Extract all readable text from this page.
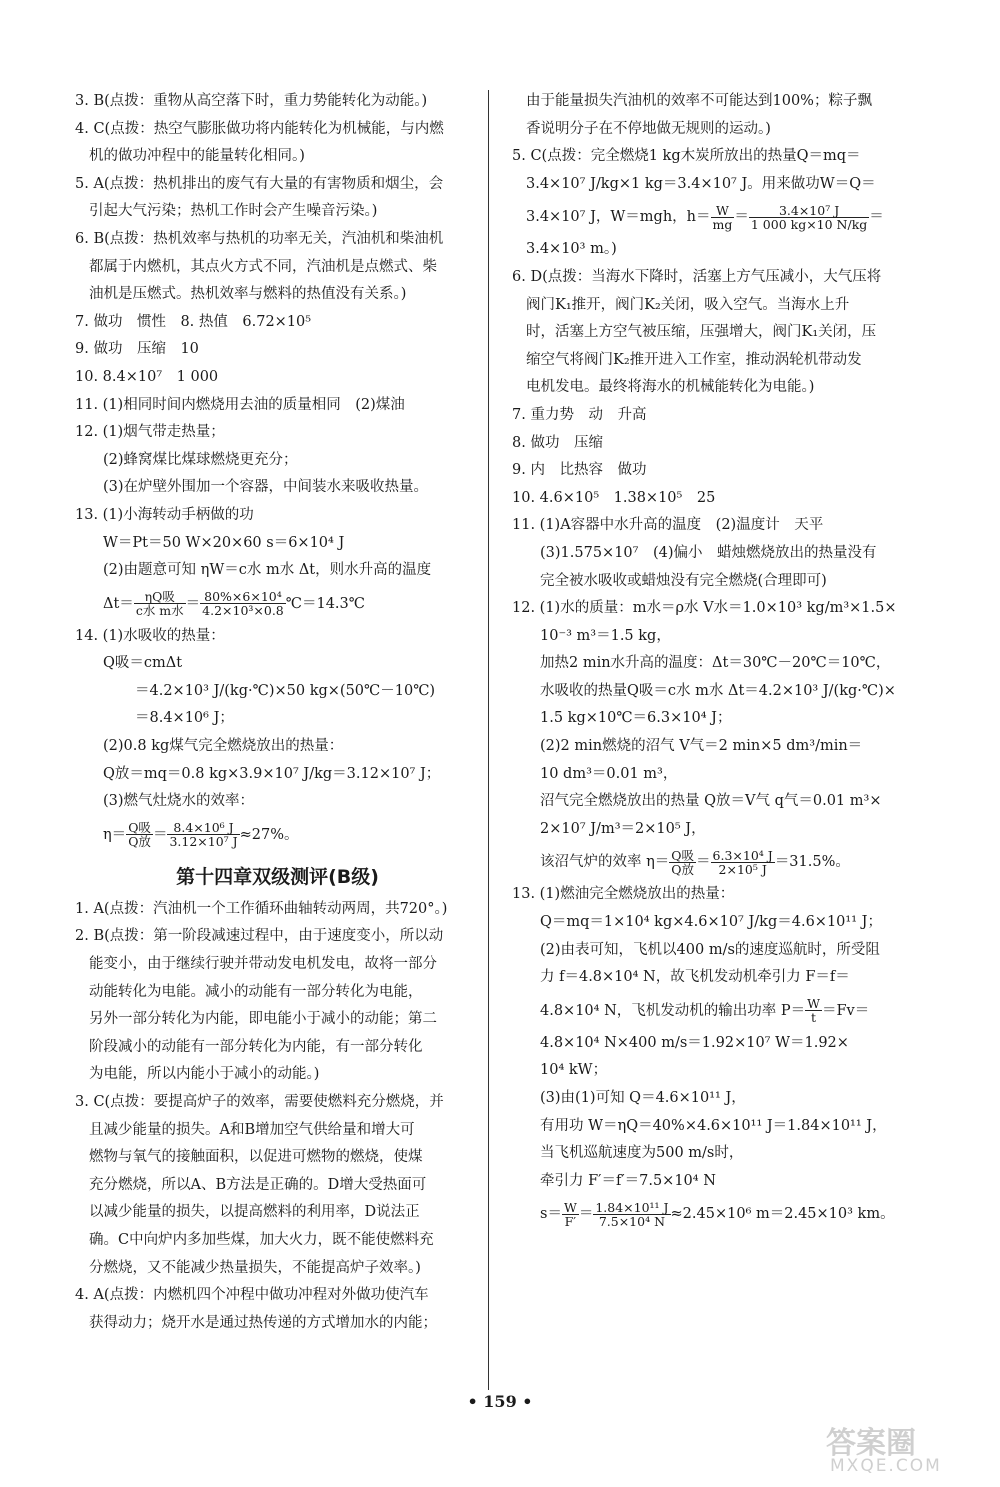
3. B(点拨：重物从高空落下时，重力势能转化为动能。)
4. C(点拨：热空气膨胀做功将内能转化为机械能，与内燃
机的做功冲程中的能量转化相同。)
5. A(点拨：热机排出的废气有大量的有害物质和烟尘，会
引起大气污染；热机工作时会产生噪音污染。)
6. B(点拨：热机效率与热机的功率无关，汽油机和柴油机
都属于内燃机，其点火方式不同，汽油机是点燃式、柴
油机是压燃式。热机效率与燃料的热值没有关系。)
7. 做功　惯性　8. 热值　6.72×10⁵
9. 做功　压缩　10
10. 8.4×10⁷　1 000
11. (1)相同时间内燃烧用去油的质量相同　(2)煤油
12. (1)烟气带走热量；
(2)蜂窝煤比煤球燃烧更充分；
(3)在炉壁外围加一个容器，中间装水来吸收热量。
13. (1)小海转动手柄做的功
W＝Pt＝50 W×20×60 s＝6×10⁴ J
(2)由题意可知 ηW＝c水 m水 Δt，则水升高的温度
$\Delta t= \frac{\text{ηQ吸}}{\text{c水 m水}} = \frac{\text{80\%×6×10⁴}}{\text{4.2×10³×0.8}}$ ℃＝14.3℃
14. (1)水吸收的热量：
Q吸＝cmΔt
＝4.2×10³ J/(kg·℃)×50 kg×(50℃－10℃)
＝8.4×10⁶ J；
(2)0.8 kg煤气完全燃烧放出的热量：
Q放＝mq＝0.8 kg×3.9×10⁷ J/kg＝3.12×10⁷ J；
(3)燃气灶烧水的效率：
$\eta= \frac{\text{Q吸}}{\text{Q放}} = \frac{\text{8.4×10⁶ J}}{\text{3.12×10⁷ J}} \approx 27\%$。
第十四章双级测评(B级)
1. A(点拨：汽油机一个工作循环曲轴转动两周，共720°。)
2. B(点拨：第一阶段减速过程中，由于速度变小，所以动
能变小，由于继续行驶并带动发电机发电，故将一部分
动能转化为电能。减小的动能有一部分转化为电能，
另外一部分转化为内能，即电能小于减小的动能；第二
阶段减小的动能有一部分转化为内能，有一部分转化
为电能，所以内能小于减小的动能。)
3. C(点拨：要提高炉子的效率，需要使燃料充分燃烧，并
且减少能量的损失。A和B增加空气供给量和增大可
燃物与氧气的接触面积，以促进可燃物的燃烧，使煤
充分燃烧，所以A、B方法是正确的。D增大受热面可
以减少能量的损失，以提高燃料的利用率，D说法正
确。C中向炉内多加些煤，加大火力，既不能使燃料充
分燃烧，又不能减少热量损失，不能提高炉子效率。)
4. A(点拨：内燃机四个冲程中做功冲程对外做功使汽车
获得动力；烧开水是通过热传递的方式增加水的内能；
由于能量损失汽油机的效率不可能达到100%；粽子飘
香说明分子在不停地做无规则的运动。)
5. C(点拨：完全燃烧1 kg木炭所放出的热量Q＝mq＝
3.4×10⁷ J/kg×1 kg＝3.4×10⁷ J。用来做功W＝Q＝
3.4×10⁷ J，W＝mgh，$h= \frac{W}{mg} = \frac{\text{3.4×10⁷ J}}{1 000 kg\times 10 N/kg}$ ＝
3.4×10³ m。)
6. D(点拨：当海水下降时，活塞上方气压减小，大气压将
阀门K₁推开，阀门K₂关闭，吸入空气。当海水上升
时，活塞上方空气被压缩，压强增大，阀门K₁关闭，压
缩空气将阀门K₂推开进入工作室，推动涡轮机带动发
电机发电。最终将海水的机械能转化为电能。)
7. 重力势　动　升高
8. 做功　压缩
9. 内　比热容　做功
10. 4.6×10⁵　1.38×10⁵　25
11. (1)A容器中水升高的温度　(2)温度计　天平
(3)1.575×10⁷　(4)偏小　蜡烛燃烧放出的热量没有
完全被水吸收或蜡烛没有完全燃烧(合理即可)
12. (1)水的质量：m水＝ρ水 V水＝1.0×10³ kg/m³×1.5×
10⁻³ m³＝1.5 kg，
加热2 min水升高的温度：Δt＝30℃－20℃＝10℃，
水吸收的热量Q吸＝c水 m水 Δt＝4.2×10³ J/(kg·℃)×
1.5 kg×10℃＝6.3×10⁴ J；
(2)2 min燃烧的沼气 V气＝2 min×5 dm³/min＝
10 dm³＝0.01 m³，
沼气完全燃烧放出的热量 Q放＝V气 q气＝0.01 m³×
2×10⁷ J/m³＝2×10⁵ J，
该沼气炉的效率 $\eta= \frac{\text{Q吸}}{\text{Q放}} = \frac{\text{6.3×10⁴ J}}{\text{2×10⁵ J}} =31.5\%$。
13. (1)燃油完全燃烧放出的热量：
Q＝mq＝1×10⁴ kg×4.6×10⁷ J/kg＝4.6×10¹¹ J；
(2)由表可知，飞机以400 m/s的速度巡航时，所受阻
力 f＝4.8×10⁴ N，故飞机发动机牵引力 F＝f＝
4.8×10⁴ N，飞机发动机的输出功率 $P= \frac{W}{t} =Fv=$
4.8×10⁴ N×400 m/s＝1.92×10⁷ W＝1.92×
10⁴ kW；
(3)由(1)可知 Q＝4.6×10¹¹ J，
有用功 W＝ηQ＝40%×4.6×10¹¹ J＝1.84×10¹¹ J，
当飞机巡航速度为500 m/s时，
牵引力 F′＝f′＝7.5×10⁴ N
$s= \frac{W}{F'} = \frac{\text{1.84×10¹¹ J}}{\text{7.5×10⁴ N}} \approx 2.45\times 10^6$ m＝2.45×10³ km。
• 159 •
答案圈
MXQE.COM
